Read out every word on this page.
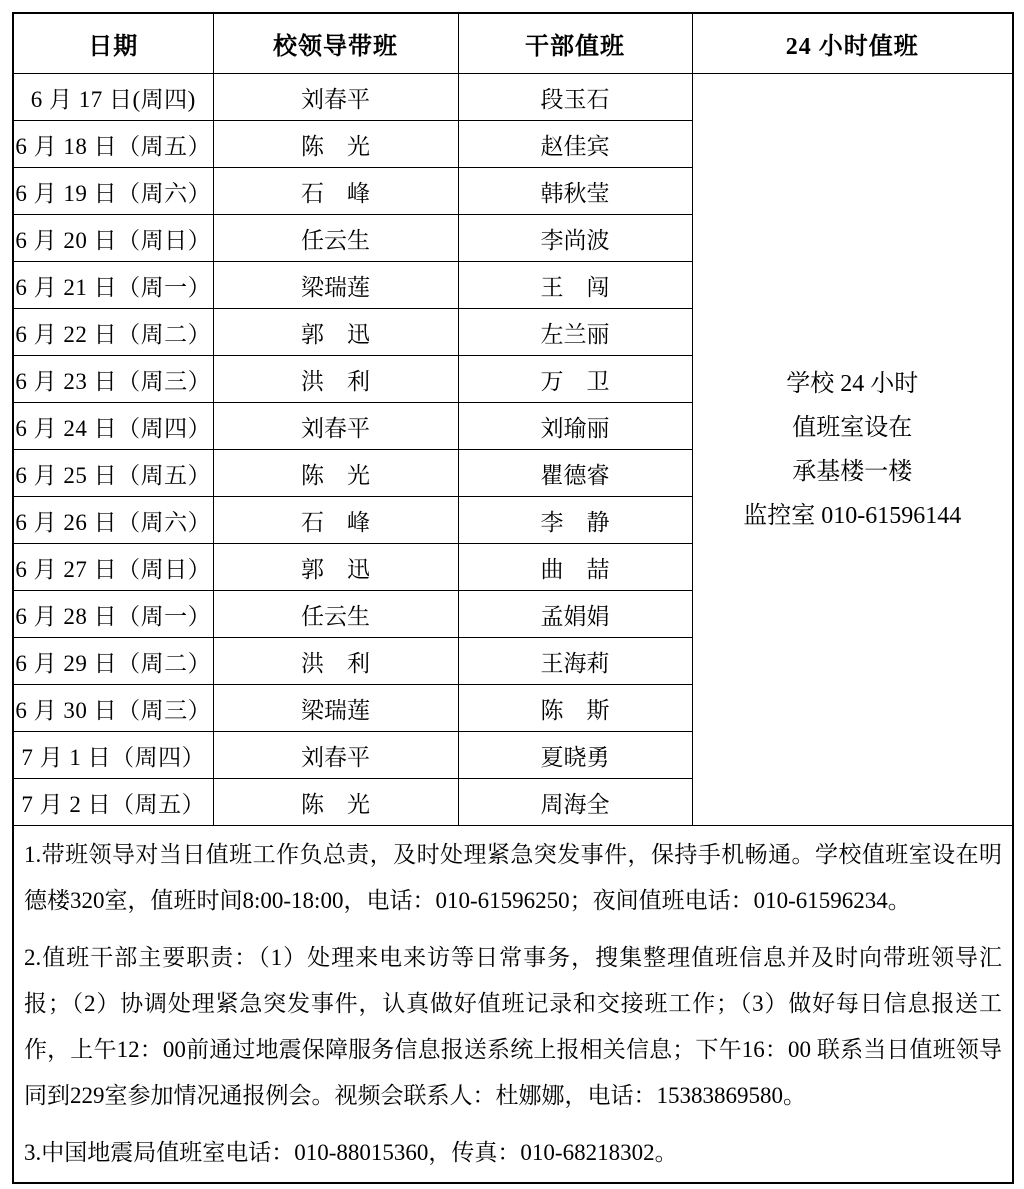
日期	校领导带班	干部值班	24 小时值班
6 月 17 日(周四)	刘春平	段玉石	学校 24 小时
值班室设在
承基楼一楼
监控室 010-61596144

6 月 18 日（周五）	陈　光	赵佳宾	
6 月 19 日（周六）	石　峰	韩秋莹	
6 月 20 日（周日）	任云生	李尚波	
6 月 21 日（周一）	梁瑞莲	王　闯	
6 月 22 日（周二）	郭　迅	左兰丽	
6 月 23 日（周三）	洪　利	万　卫	
6 月 24 日（周四）	刘春平	刘瑜丽	
6 月 25 日（周五）	陈　光	瞿德睿	
6 月 26 日（周六）	石　峰	李　静	
6 月 27 日（周日）	郭　迅	曲　喆	
6 月 28 日（周一）	任云生	孟娟娟	
6 月 29 日（周二）	洪　利	王海莉	
6 月 30 日（周三）	梁瑞莲	陈　斯	
7 月 1 日（周四）	刘春平	夏晓勇	
7 月 2 日（周五）	陈　光	周海全	

1.带班领导对当日值班工作负总责，及时处理紧急突发事件，保持手机畅通。学校值班室设在明德楼320室，值班时间8:00-18:00，电话：010-61596250；夜间值班电话：010-61596234。

2.值班干部主要职责：（1）处理来电来访等日常事务，搜集整理值班信息并及时向带班领导汇报；（2）协调处理紧急突发事件，认真做好值班记录和交接班工作；（3）做好每日信息报送工作，上午12：00前通过地震保障服务信息报送系统上报相关信息；下午16：00 联系当日值班领导同到229室参加情况通报例会。视频会联系人：杜娜娜，电话：15383869580。

3.中国地震局值班室电话：010-88015360，传真：010-68218302。			
